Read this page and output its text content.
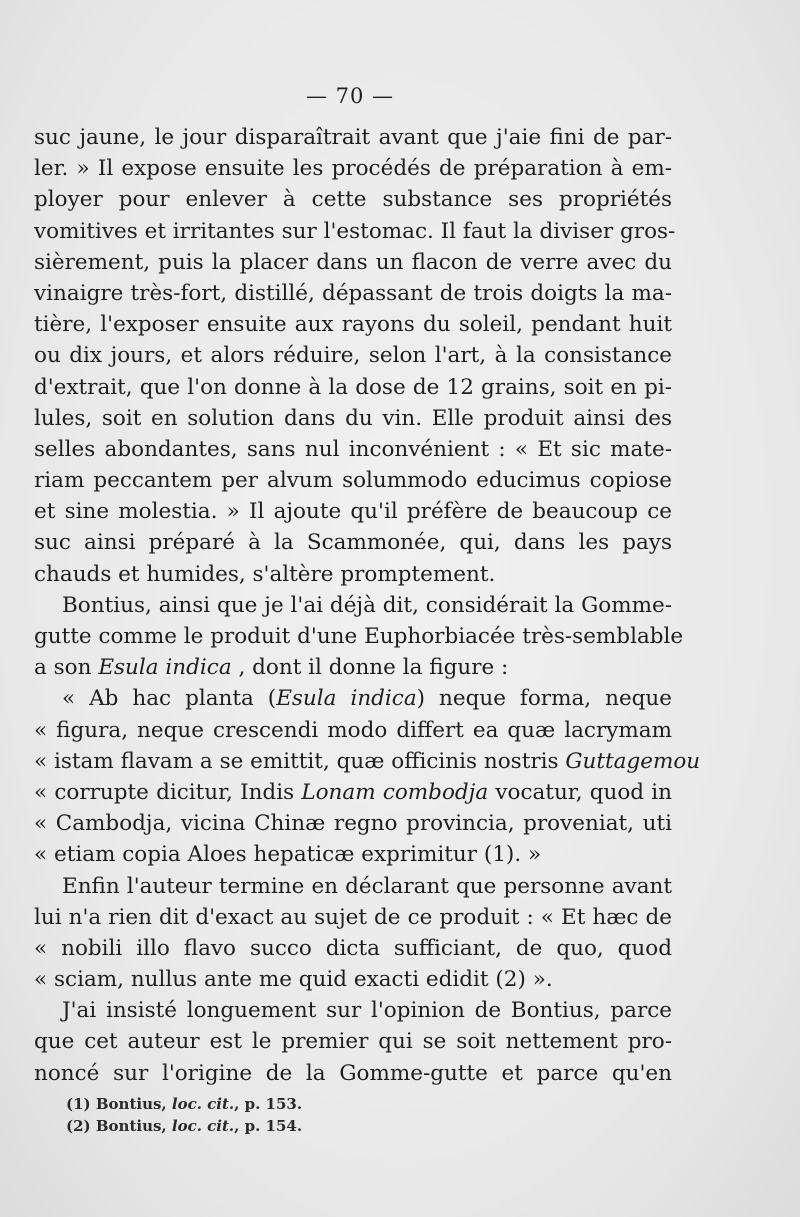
— 70 —
suc jaune, le jour disparaîtrait avant que j'aie fini de par-
ler. » Il expose ensuite les procédés de préparation à em-
ployer pour enlever à cette substance ses propriétés
vomitives et irritantes sur l'estomac. Il faut la diviser gros-
sièrement, puis la placer dans un flacon de verre avec du
vinaigre très-fort, distillé, dépassant de trois doigts la ma-
tière, l'exposer ensuite aux rayons du soleil, pendant huit
ou dix jours, et alors réduire, selon l'art, à la consistance
d'extrait, que l'on donne à la dose de 12 grains, soit en pi-
lules, soit en solution dans du vin. Elle produit ainsi des
selles abondantes, sans nul inconvénient : « Et sic mate-
riam peccantem per alvum solummodo educimus copiose
et sine molestia. » Il ajoute qu'il préfère de beaucoup ce
suc ainsi préparé à la Scammonée, qui, dans les pays
chauds et humides, s'altère promptement.
Bontius, ainsi que je l'ai déjà dit, considérait la Gomme-
gutte comme le produit d'une Euphorbiacée très-semblable
a son Esula indica , dont il donne la figure :
« Ab hac planta (Esula indica) neque forma, neque
« figura, neque crescendi modo differt ea quæ lacrymam
« istam flavam a se emittit, quæ officinis nostris Guttagemou
« corrupte dicitur, Indis Lonam combodja vocatur, quod in
« Cambodja, vicina Chinæ regno provincia, proveniat, uti
« etiam copia Aloes hepaticæ exprimitur (1). »
Enfin l'auteur termine en déclarant que personne avant
lui n'a rien dit d'exact au sujet de ce produit : « Et hæc de
« nobili illo flavo succo dicta sufficiant, de quo, quod
« sciam, nullus ante me quid exacti edidit (2) ».
J'ai insisté longuement sur l'opinion de Bontius, parce
que cet auteur est le premier qui se soit nettement pro-
noncé sur l'origine de la Gomme-gutte et parce qu'en
(1) Bontius, loc. cit., p. 153.
(2) Bontius, loc. cit., p. 154.
